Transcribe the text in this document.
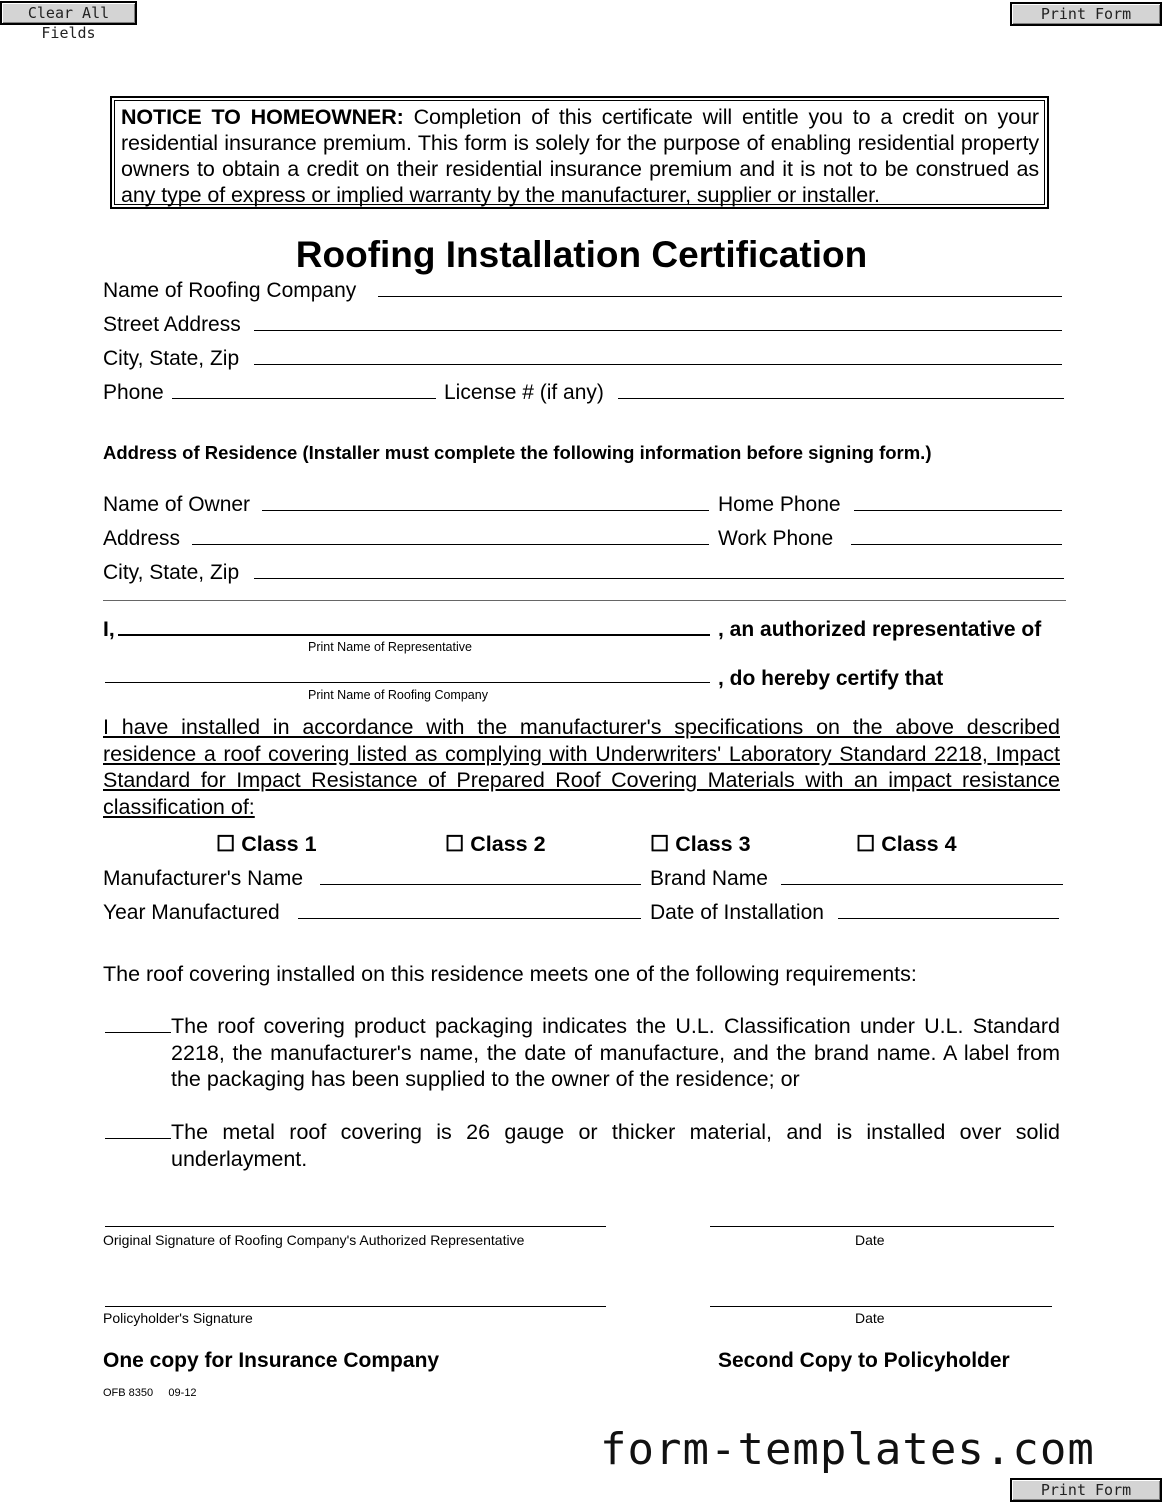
Clear All Fields
Print Form
NOTICE TO HOMEOWNER: Completion of this certificate will entitle you to a credit on your residential insurance premium. This form is solely for the purpose of enabling residential property owners to obtain a credit on their residential insurance premium and it is not to be construed as any type of express or implied warranty by the manufacturer, supplier or installer.
Roofing Installation Certification
Name of Roofing Company
Street Address
City, State, Zip
Phone	License # (if any)
Address of Residence (Installer must complete the following information before signing form.)
Name of Owner	Home Phone
Address	Work Phone
City, State, Zip
I,	, an authorized representative of
Print Name of Representative
, do hereby certify that
Print Name of Roofing Company
I have installed in accordance with the manufacturer's specifications on the above described residence a roof covering listed as complying with Underwriters' Laboratory Standard 2218, Impact Standard for Impact Resistance of Prepared Roof Covering Materials with an impact resistance classification of:
☐ Class 1	☐ Class 2	☐ Class 3	☐ Class 4
Manufacturer's Name	Brand Name
Year Manufactured	Date of Installation
The roof covering installed on this residence meets one of the following requirements:
The roof covering product packaging indicates the U.L. Classification under U.L. Standard 2218, the manufacturer's name, the date of manufacture, and the brand name. A label from the packaging has been supplied to the owner of the residence; or
The metal roof covering is 26 gauge or thicker material, and is installed over solid underlayment.
Original Signature of Roofing Company's Authorized Representative	Date
Policyholder's Signature	Date
One copy for Insurance Company	Second Copy to Policyholder
OFB 8350     09-12
form-templates.com
Print Form
